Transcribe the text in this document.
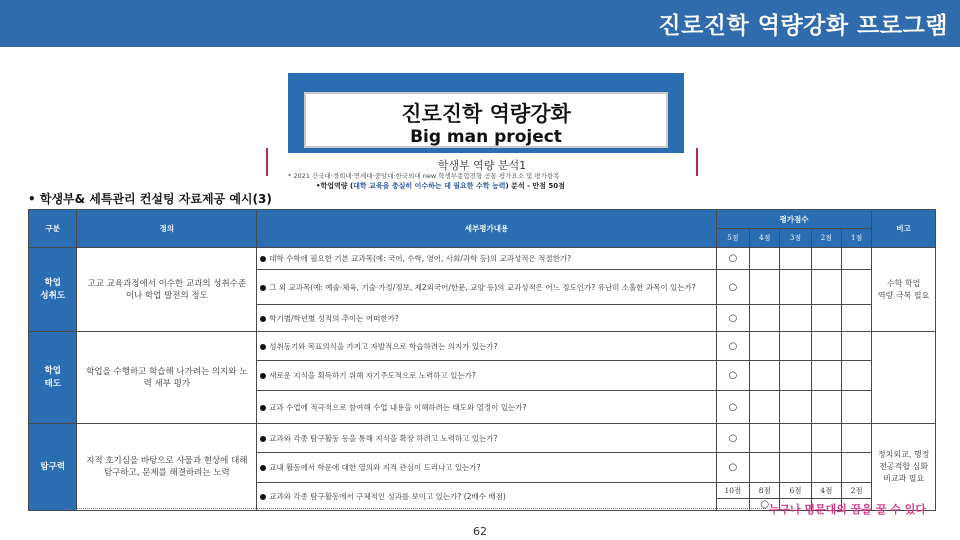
진로진학 역량강화 프로그램
진로진학 역량강화
Big man project
학생부 역량 분석1
* 2021 건국대·경희대·연세대·중앙대·한국외대 new 학생부종합전형 공통 평가요소 및 평가항목
•학업역량 (대학 교육을 충실히 이수하는 데 필요한 수학 능력) 분석 - 만점 50점
• 학생부& 세특관리 컨설팅 자료제공 예시(3)
구분	정의	세부평가내용	평가점수					비고
			5점	4점	3점	2점	1점	
학업
성취도	고교 교육과정에서 이수한 교과의 성취수준이나 학업 발전의 정도	대학 수학에 필요한 기본 교과목(예: 국어, 수학, 영어, 사회/과학 등)의 교과성적은 적절한가?	○					수학 학업
역량 극복 필요
		그 외 교과목(예: 예술·체육, 기술·가정/정보, 제2외국어/한문, 교양 등)의 교과성적은 어느 정도인가? 유난히 소홀한 과목이 있는가?	○					
		학기별/학년별 성적의 추이는 어떠한가?	○					
학업
태도	학업을 수행하고 학습해 나가려는 의지와 노력 세부 평가	성취동기와 목표의식을 가지고 자발적으로 학습하려는 의지가 있는가?	○					
		새로운 지식을 획득하기 위해 자기주도적으로 노력하고 있는가?	○					
		교과 수업에 적극적으로 참여해 수업 내용을 이해하려는 태도와 열정이 있는가?	○					
탐구력	지적 호기심을 바탕으로 사물과 현상에 대해 탐구하고, 문제를 해결하려는 노력	교과와 각종 탐구활동 등을 통해 지식을 확장 하려고 노력하고 있는가?	○					정치외교, 행정
전공적합 심화
비교과 필요
		교내 활동에서 학문에 대한 열의와 지적 관심이 드러나고 있는가?	○					
		교과와 각종 탐구활동에서 구체적인 성과를 보이고 있는가? (2배수 배점)	10점	8점	6점	4점	2점	
				○				누구나 명문대의 꿈을 꿀 수 있다
62
